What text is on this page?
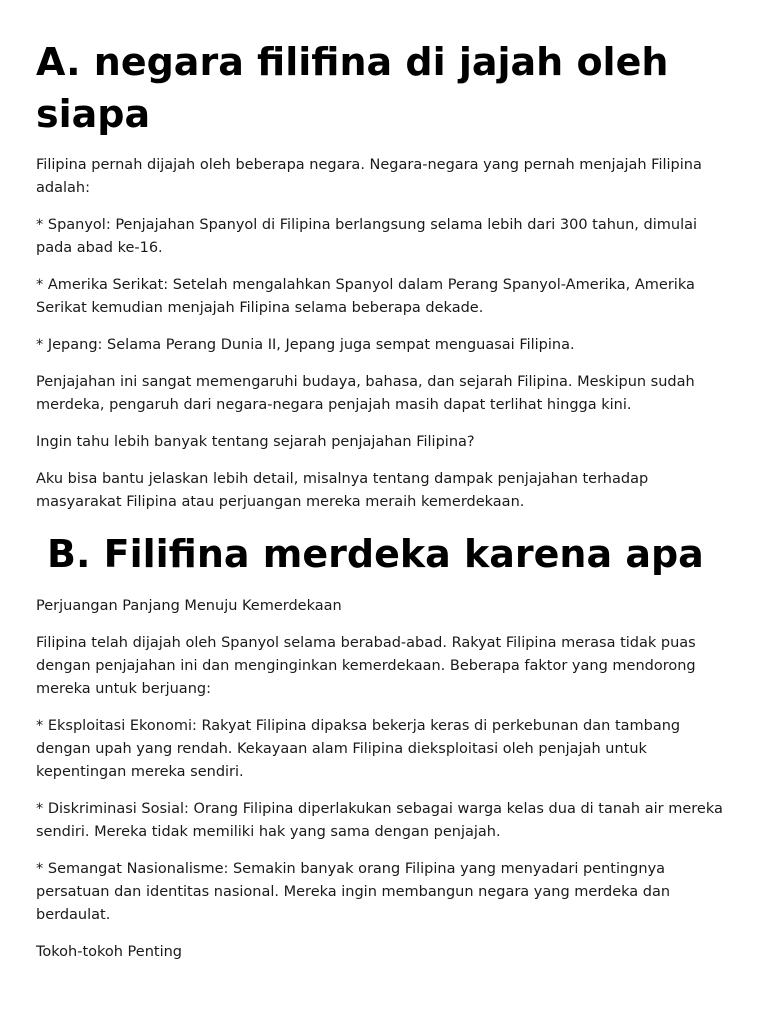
A. negara filifina di jajah oleh siapa

Filipina pernah dijajah oleh beberapa negara. Negara-negara yang pernah menjajah Filipina adalah:

* Spanyol: Penjajahan Spanyol di Filipina berlangsung selama lebih dari 300 tahun, dimulai pada abad ke-16.

* Amerika Serikat: Setelah mengalahkan Spanyol dalam Perang Spanyol-Amerika, Amerika Serikat kemudian menjajah Filipina selama beberapa dekade.

* Jepang: Selama Perang Dunia II, Jepang juga sempat menguasai Filipina.

Penjajahan ini sangat memengaruhi budaya, bahasa, dan sejarah Filipina. Meskipun sudah merdeka, pengaruh dari negara-negara penjajah masih dapat terlihat hingga kini.

Ingin tahu lebih banyak tentang sejarah penjajahan Filipina?

Aku bisa bantu jelaskan lebih detail, misalnya tentang dampak penjajahan terhadap masyarakat Filipina atau perjuangan mereka meraih kemerdekaan.

B. Filifina merdeka karena apa

Perjuangan Panjang Menuju Kemerdekaan

Filipina telah dijajah oleh Spanyol selama berabad-abad. Rakyat Filipina merasa tidak puas dengan penjajahan ini dan menginginkan kemerdekaan. Beberapa faktor yang mendorong mereka untuk berjuang:

* Eksploitasi Ekonomi: Rakyat Filipina dipaksa bekerja keras di perkebunan dan tambang dengan upah yang rendah. Kekayaan alam Filipina dieksploitasi oleh penjajah untuk kepentingan mereka sendiri.

* Diskriminasi Sosial: Orang Filipina diperlakukan sebagai warga kelas dua di tanah air mereka sendiri. Mereka tidak memiliki hak yang sama dengan penjajah.

* Semangat Nasionalisme: Semakin banyak orang Filipina yang menyadari pentingnya persatuan dan identitas nasional. Mereka ingin membangun negara yang merdeka dan berdaulat.

Tokoh-tokoh Penting
